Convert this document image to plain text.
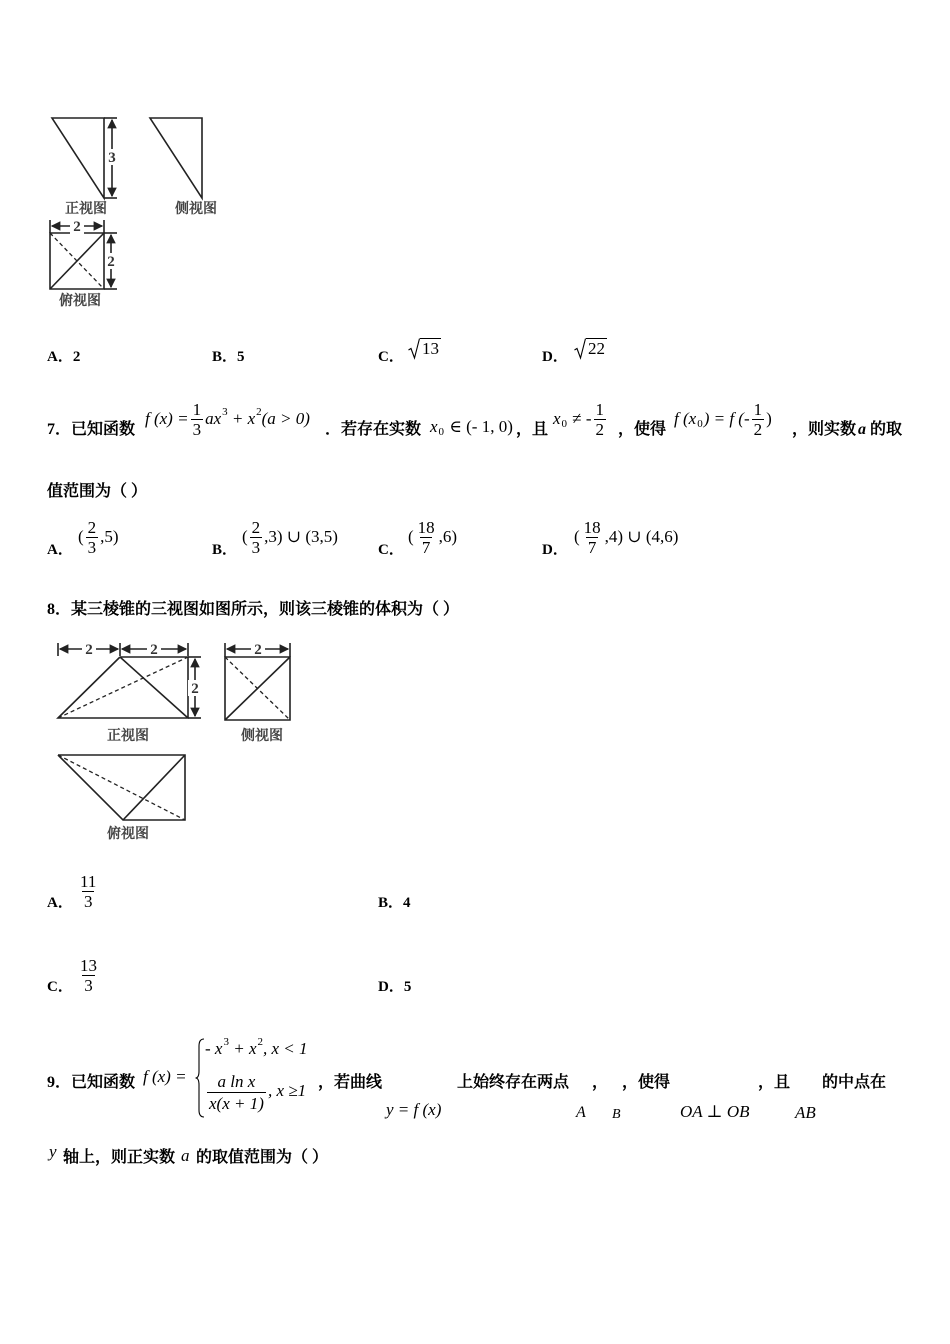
3
正视图	侧视图
2
2
俯视图
A．2	B．5	C． 13	D． 22
7．已知函数
f $(x) = \frac{1}{3}$ ax 3 + x 2 (a > 0)
．若存在实数 x 0 ∈ (- 1, 0) ，且
x 0 ≠ - $\frac{1}{2}$ ，使得
f (x 0 ) = f (- $\frac{1}{2}$ )
，则实数 a 的取
值范围为（ ）
A．
( $\frac{2}{3} ,5$)
B．
( $\frac{2}{3} ,3$) ∪ (3,5)
C．
( $\frac{18}{7} ,6$)
D．
( $\frac{18}{7} ,4$) ∪ (4,6)
8．某三棱锥的三视图如图所示，则该三棱锥的体积为（ ）
2	2
2
正视图
2
侧视图
俯视图
A． $\frac{11}{3}$	B．4
C． $\frac{13}{3}$	D．5
9．已知函数 f (x) =
- x 3 + x 2 , x < 1
$\frac{\text{a ln x}}{x(x + 1)}$ , x ≥1 ，若曲线
y = f (x)
上始终存在两点
A
，
B
，使得
OA ⊥ OB
，且
AB
的中点在
y 轴上，则正实数 a 的取值范围为（ ）
